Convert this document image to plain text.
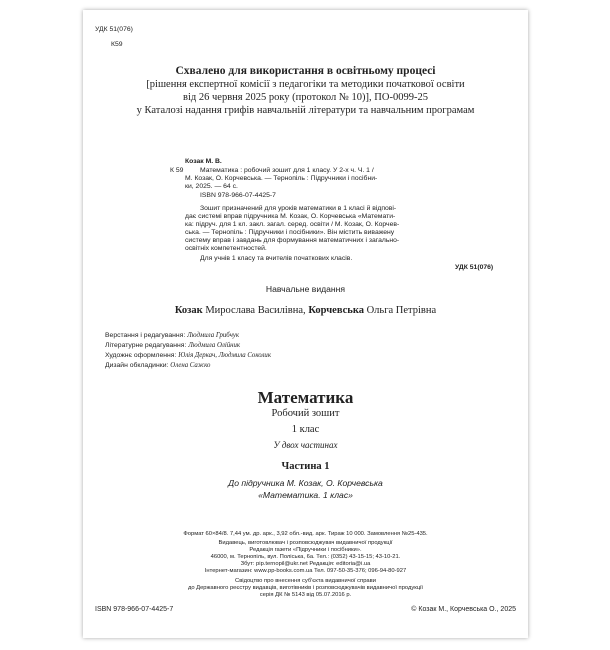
УДК 51(076)
К59
Схвалено для використання в освітньому процесі
[рішення експертної комісії з педагогіки та методики початкової освіти
від 26 червня 2025 року (протокол № 10)], ПО-0099-25
у Каталозі надання грифів навчальній літератури та навчальним програмам
Козак М. В.
К 59 Математика : робочий зошит для 1 класу. У 2-х ч. Ч. 1 /
М. Козак, О. Корчевська. — Тернопіль : Підручники і посібни-
ки, 2025. — 64 с.
ISBN 978-966-07-4425-7
Зошит призначений для уроків математики в 1 класі й відпові-
дає системі вправ підручника М. Козак, О. Корчевська «Математи-
ка: підруч. для 1 кл. закл. загал. серед. освіти / М. Козак, О. Корчев-
ська. — Тернопіль : Підручники і посібники». Він містить виважену
систему вправ і завдань для формування математичних і загально-
освітніх компетентностей.
Для учнів 1 класу та вчителів початкових класів.
УДК 51(076)
Навчальне видання
Козак Мирослава Василівна, Корчевська Ольга Петрівна
Верстання і редагування: Людмила Грибчук
Літературне редагування: Людмила Олійник
Художнє оформлення: Юлія Деркач, Людмила Соколик
Дизайн обкладинки: Олена Сажко
Математика
Робочий зошит
1 клас
У двох частинах
Частина 1
До підручника М. Козак, О. Корчевська
«Математика. 1 клас»
Формат 60×84/8. 7,44 ум. др. арк., 3,92 обл.-вид. арк. Тираж 10 000. Замовлення №25-435.
Видавець, виготовлювач і розповсюджувач видавничої продукції
Редакція газети «Підручники і посібники».
46000, м. Тернопіль, вул. Поліська, 6а. Тел.: (0352) 43-15-15; 43-10-21.
Збут: pip.ternopil@ukr.net Редакція: editoria@i.ua
Інтернет-магазин: www.pp-books.com.ua Тел. 097-50-35-376; 096-94-80-927
Свідоцтво про внесення суб'єкта видавничої справи
до Державного реєстру видавців, виготівників і розповсюджувачів видавничої продукції
серія ДК № 5143 від 05.07.2016 р.
ISBN 978-966-07-4425-7	© Козак М., Корчевська О., 2025
